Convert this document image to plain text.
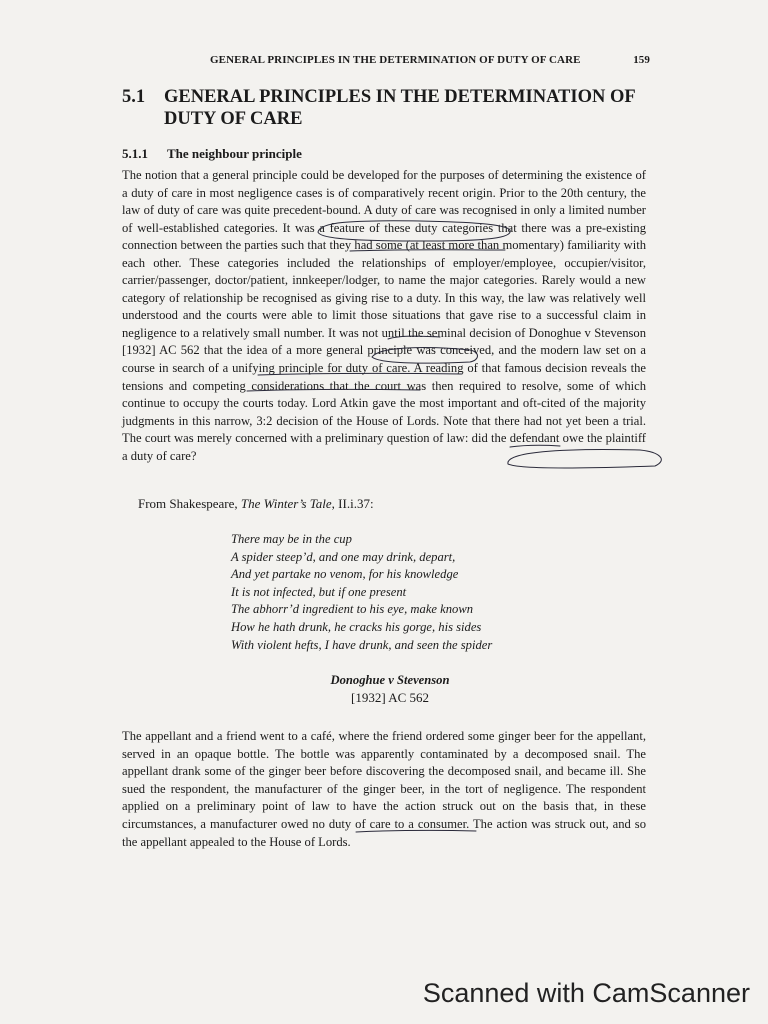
GENERAL PRINCIPLES IN THE DETERMINATION OF DUTY OF CARE	159
5.1	GENERAL PRINCIPLES IN THE DETERMINATION OF DUTY OF CARE
5.1.1 The neighbour principle

The notion that a general principle could be developed for the purposes of determining the existence of a duty of care in most negligence cases is of comparatively recent origin. Prior to the 20th century, the law of duty of care was quite precedent-bound. A duty of care was recognised in only a limited number of well-established categories. It was a feature of these duty categories that there was a pre-existing connection between the parties such that they had some (at least more than momentary) familiarity with each other. These categories included the relationships of employer/employee, occupier/visitor, carrier/passenger, doctor/patient, innkeeper/lodger, to name the major categories. Rarely would a new category of relationship be recognised as giving rise to a duty. In this way, the law was relatively well understood and the courts were able to limit those situations that gave rise to a successful claim in negligence to a relatively small number. It was not until the seminal decision of Donoghue v Stevenson [1932] AC 562 that the idea of a more general principle was conceived, and the modern law set on a course in search of a unifying principle for duty of care. A reading of that famous decision reveals the tensions and competing considerations that the court was then required to resolve, some of which continue to occupy the courts today. Lord Atkin gave the most important and oft-cited of the majority judgments in this narrow, 3:2 decision of the House of Lords. Note that there had not yet been a trial. The court was merely concerned with a preliminary question of law: did the defendant owe the plaintiff a duty of care?

From Shakespeare, The Winter’s Tale, II.i.37:
There may be in the cup
A spider steep’d, and one may drink, depart,
And yet partake no venom, for his knowledge
It is not infected, but if one present
The abhorr’d ingredient to his eye, make known
How he hath drunk, he cracks his gorge, his sides
With violent hefts, I have drunk, and seen the spider
Donoghue v Stevenson
[1932] AC 562

The appellant and a friend went to a café, where the friend ordered some ginger beer for the appellant, served in an opaque bottle. The bottle was apparently contaminated by a decomposed snail. The appellant drank some of the ginger beer before discovering the decomposed snail, and became ill. She sued the respondent, the manufacturer of the ginger beer, in the tort of negligence. The respondent applied on a preliminary point of law to have the action struck out on the basis that, in these circumstances, a manufacturer owed no duty of care to a consumer. The action was struck out, and so the appellant appealed to the House of Lords.

Scanned with CamScanner
